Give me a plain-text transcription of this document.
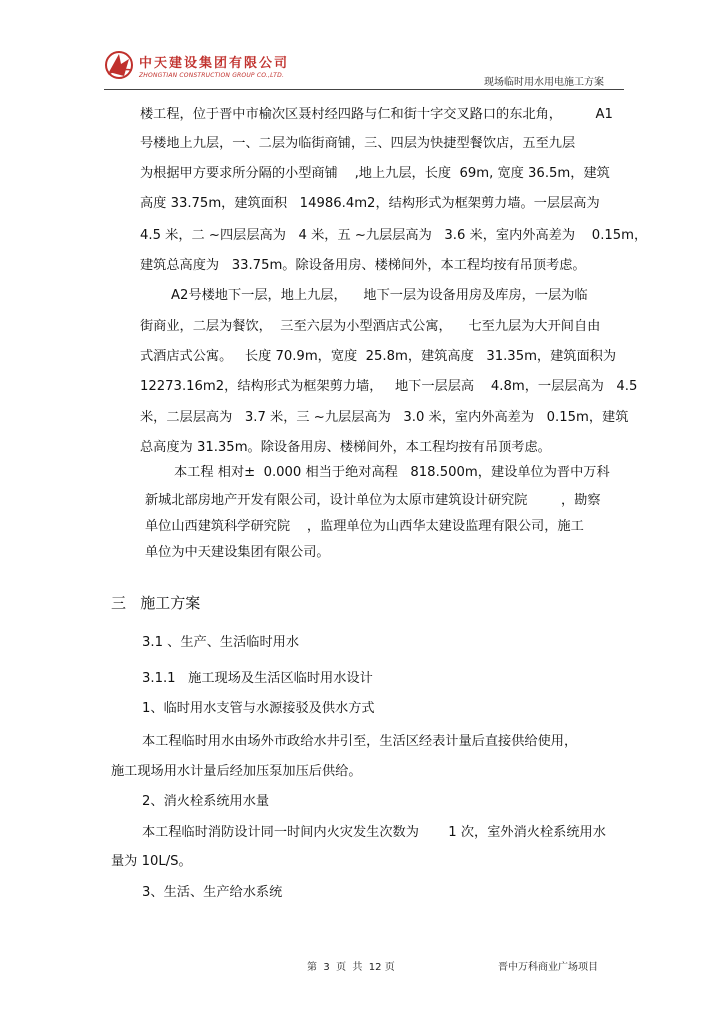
中天建设集团有限公司
ZHONGTIAN CONSTRUCTION GROUP CO.,LTD.
现场临时用水用电施工方案
楼工程，位于晋中市榆次区聂村经四路与仁和街十字交叉路口的东北角，        A1
号楼地上九层，一、二层为临街商铺，三、四层为快捷型餐饮店，五至九层
为根据甲方要求所分隔的小型商铺    ,地上九层，长度  69m, 宽度 36.5m，建筑
高度 33.75m，建筑面积   14986.4m2，结构形式为框架剪力墙。一层层高为
4.5 米，二 ~四层层高为   4 米，五 ~九层层高为   3.6 米，室内外高差为    0.15m，
建筑总高度为   33.75m。除设备用房、楼梯间外，本工程均按有吊顶考虑。
A2号楼地下一层，地上九层，    地下一层为设备用房及库房，一层为临
街商业，二层为餐饮，  三至六层为小型酒店式公寓，    七至九层为大开间自由
式酒店式公寓。   长度 70.9m，宽度  25.8m，建筑高度   31.35m，建筑面积为
12273.16m2，结构形式为框架剪力墙，   地下一层层高    4.8m，一层层高为   4.5
米，二层层高为   3.7 米，三 ~九层层高为   3.0 米，室内外高差为   0.15m，建筑
总高度为 31.35m。除设备用房、楼梯间外，本工程均按有吊顶考虑。
本工程 相对±  0.000 相当于绝对高程   818.500m，建设单位为晋中万科
新城北部房地产开发有限公司，设计单位为太原市建筑设计研究院        ，勘察
单位山西建筑科学研究院    ，监理单位为山西华太建设监理有限公司，施工
单位为中天建设集团有限公司。
三   施工方案
3.1 、生产、生活临时用水
3.1.1   施工现场及生活区临时用水设计
1、临时用水支管与水源接驳及供水方式
本工程临时用水由场外市政给水井引至，生活区经表计量后直接供给使用，
施工现场用水计量后经加压泵加压后供给。
2、消火栓系统用水量
本工程临时消防设计同一时间内火灾发生次数为       1 次，室外消火栓系统用水
量为 10L/S。
3、生活、生产给水系统
第  3  页  共  12 页	晋中万科商业广场项目
